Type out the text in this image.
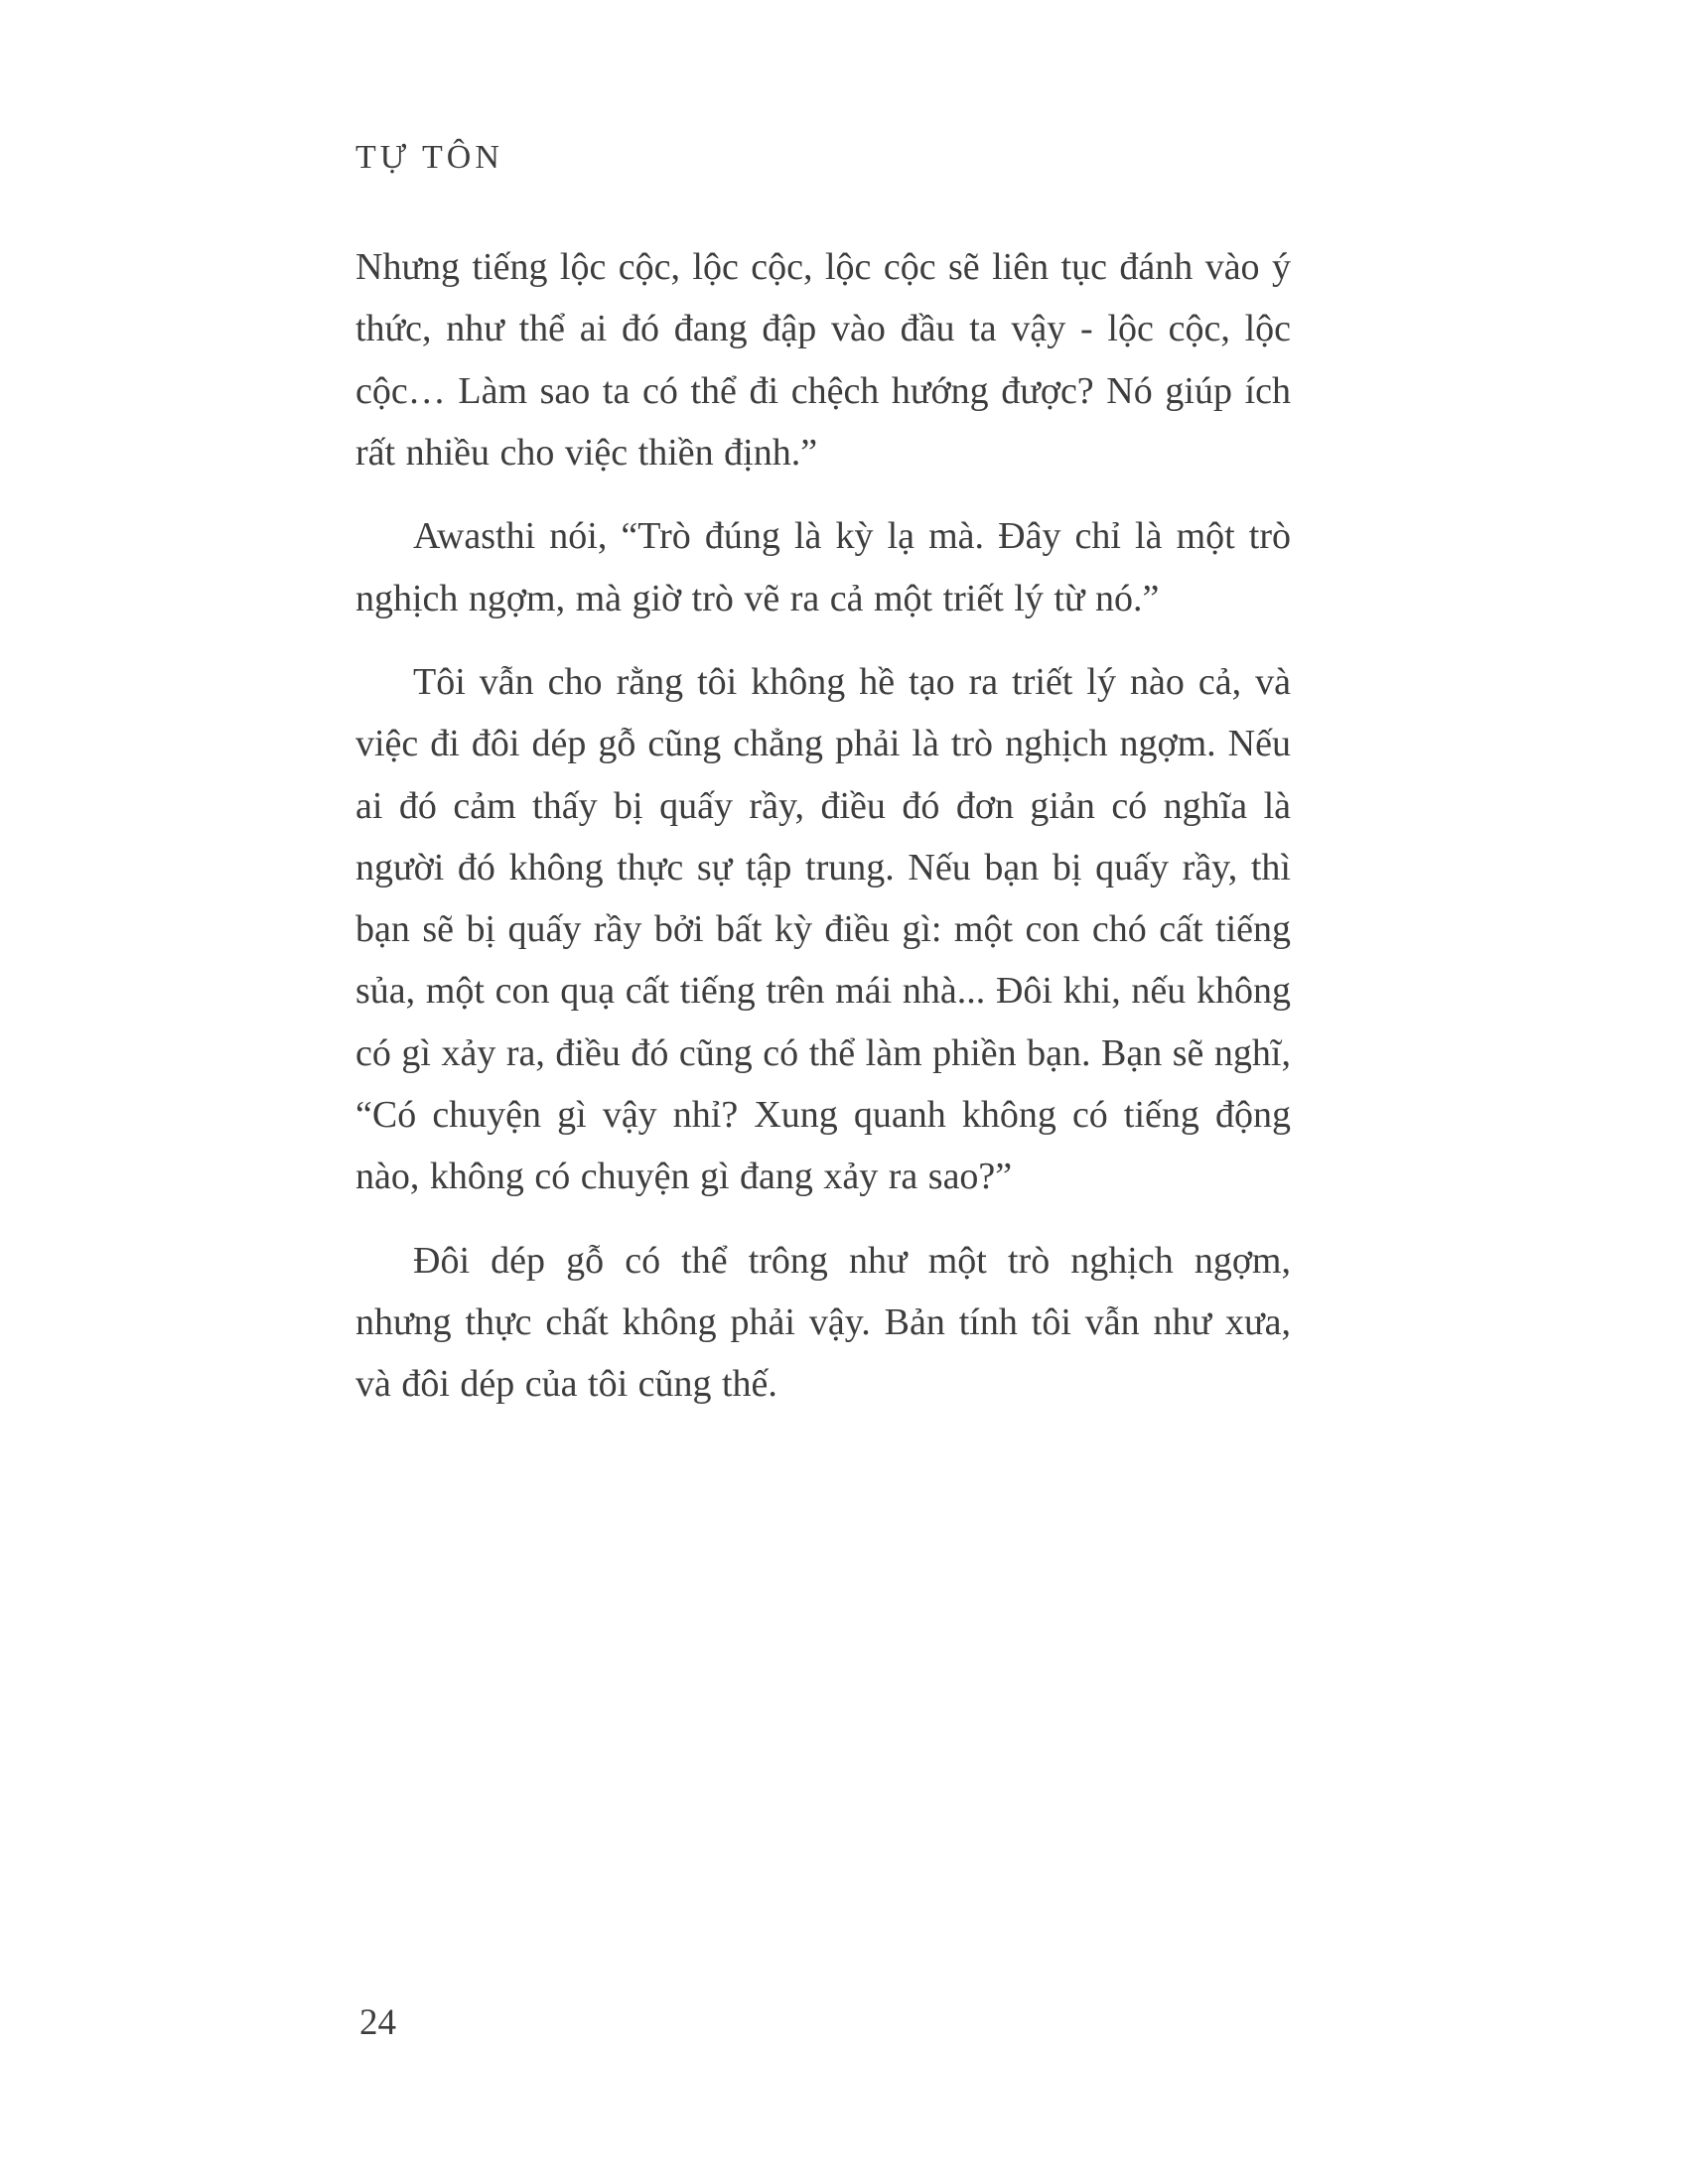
TỰ TÔN

Nhưng tiếng lộc cộc, lộc cộc, lộc cộc sẽ liên tục đánh vào ý thức, như thể ai đó đang đập vào đầu ta vậy - lộc cộc, lộc cộc… Làm sao ta có thể đi chệch hướng được? Nó giúp ích rất nhiều cho việc thiền định.”

Awasthi nói, “Trò đúng là kỳ lạ mà. Đây chỉ là một trò nghịch ngợm, mà giờ trò vẽ ra cả một triết lý từ nó.”

Tôi vẫn cho rằng tôi không hề tạo ra triết lý nào cả, và việc đi đôi dép gỗ cũng chẳng phải là trò nghịch ngợm. Nếu ai đó cảm thấy bị quấy rầy, điều đó đơn giản có nghĩa là người đó không thực sự tập trung. Nếu bạn bị quấy rầy, thì bạn sẽ bị quấy rầy bởi bất kỳ điều gì: một con chó cất tiếng sủa, một con quạ cất tiếng trên mái nhà... Đôi khi, nếu không có gì xảy ra, điều đó cũng có thể làm phiền bạn. Bạn sẽ nghĩ, “Có chuyện gì vậy nhỉ? Xung quanh không có tiếng động nào, không có chuyện gì đang xảy ra sao?”

Đôi dép gỗ có thể trông như một trò nghịch ngợm, nhưng thực chất không phải vậy. Bản tính tôi vẫn như xưa, và đôi dép của tôi cũng thế.

24
